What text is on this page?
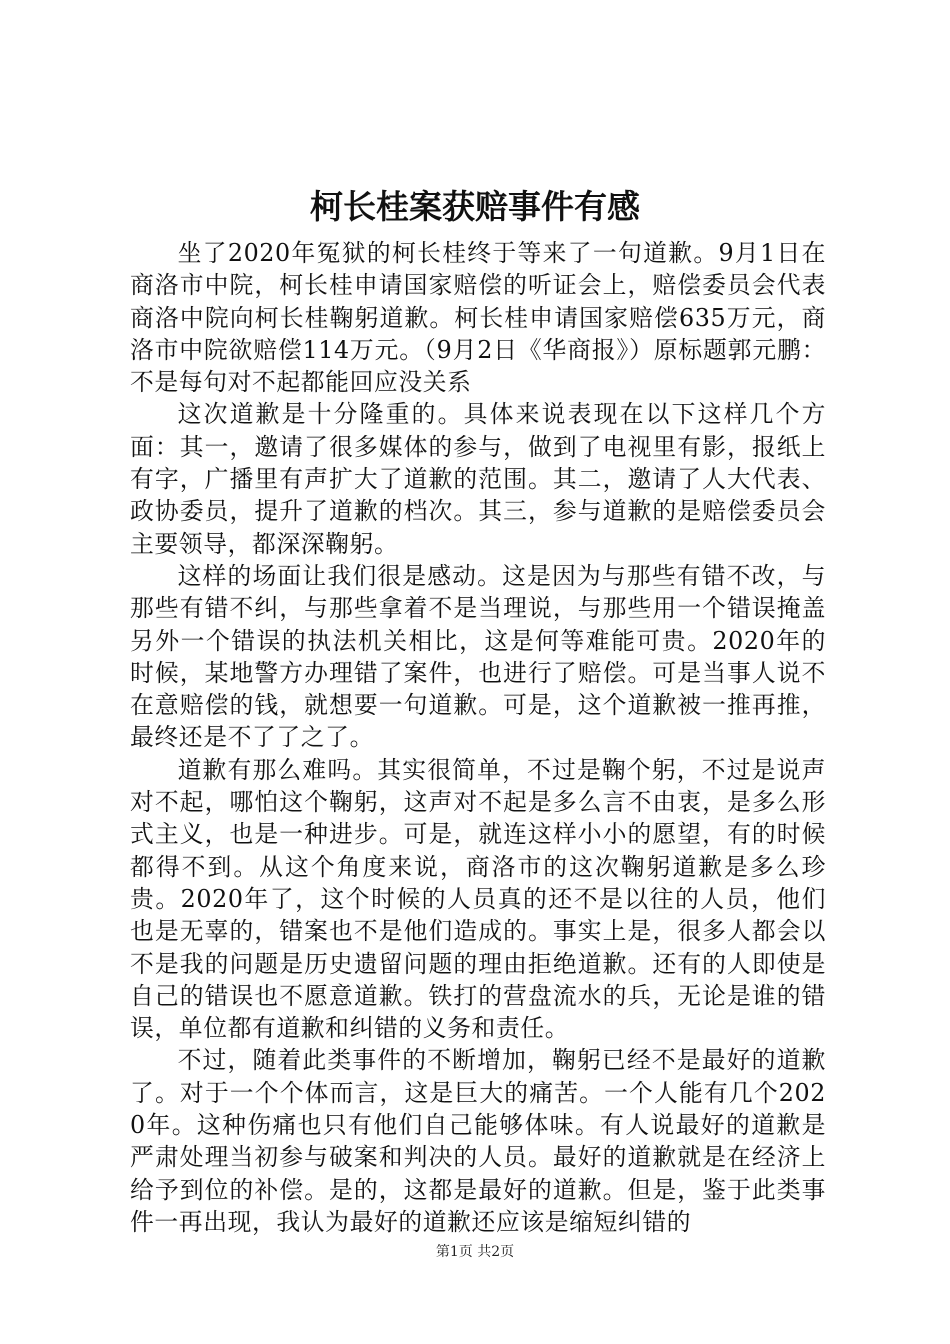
柯长桂案获赔事件有感

坐了2020年冤狱的柯长桂终于等来了一句道歉。9月1日在商洛市中院，柯长桂申请国家赔偿的听证会上，赔偿委员会代表商洛中院向柯长桂鞠躬道歉。柯长桂申请国家赔偿635万元，商洛市中院欲赔偿114万元。（9月2日《华商报》）原标题郭元鹏：不是每句对不起都能回应没关系

这次道歉是十分隆重的。具体来说表现在以下这样几个方面：其一，邀请了很多媒体的参与，做到了电视里有影，报纸上有字，广播里有声扩大了道歉的范围。其二，邀请了人大代表、政协委员，提升了道歉的档次。其三，参与道歉的是赔偿委员会主要领导，都深深鞠躬。

这样的场面让我们很是感动。这是因为与那些有错不改，与那些有错不纠，与那些拿着不是当理说，与那些用一个错误掩盖另外一个错误的执法机关相比，这是何等难能可贵。2020年的时候，某地警方办理错了案件，也进行了赔偿。可是当事人说不在意赔偿的钱，就想要一句道歉。可是，这个道歉被一推再推，最终还是不了了之了。

道歉有那么难吗。其实很简单，不过是鞠个躬，不过是说声对不起，哪怕这个鞠躬，这声对不起是多么言不由衷，是多么形式主义，也是一种进步。可是，就连这样小小的愿望，有的时候都得不到。从这个角度来说，商洛市的这次鞠躬道歉是多么珍贵。2020年了，这个时候的人员真的还不是以往的人员，他们也是无辜的，错案也不是他们造成的。事实上是，很多人都会以不是我的问题是历史遗留问题的理由拒绝道歉。还有的人即使是自己的错误也不愿意道歉。铁打的营盘流水的兵，无论是谁的错误，单位都有道歉和纠错的义务和责任。

不过，随着此类事件的不断增加，鞠躬已经不是最好的道歉了。对于一个个体而言，这是巨大的痛苦。一个人能有几个2020年。这种伤痛也只有他们自己能够体味。有人说最好的道歉是严肃处理当初参与破案和判决的人员。最好的道歉就是在经济上给予到位的补偿。是的，这都是最好的道歉。但是，鉴于此类事件一再出现，我认为最好的道歉还应该是缩短纠错的

第1页 共2页
